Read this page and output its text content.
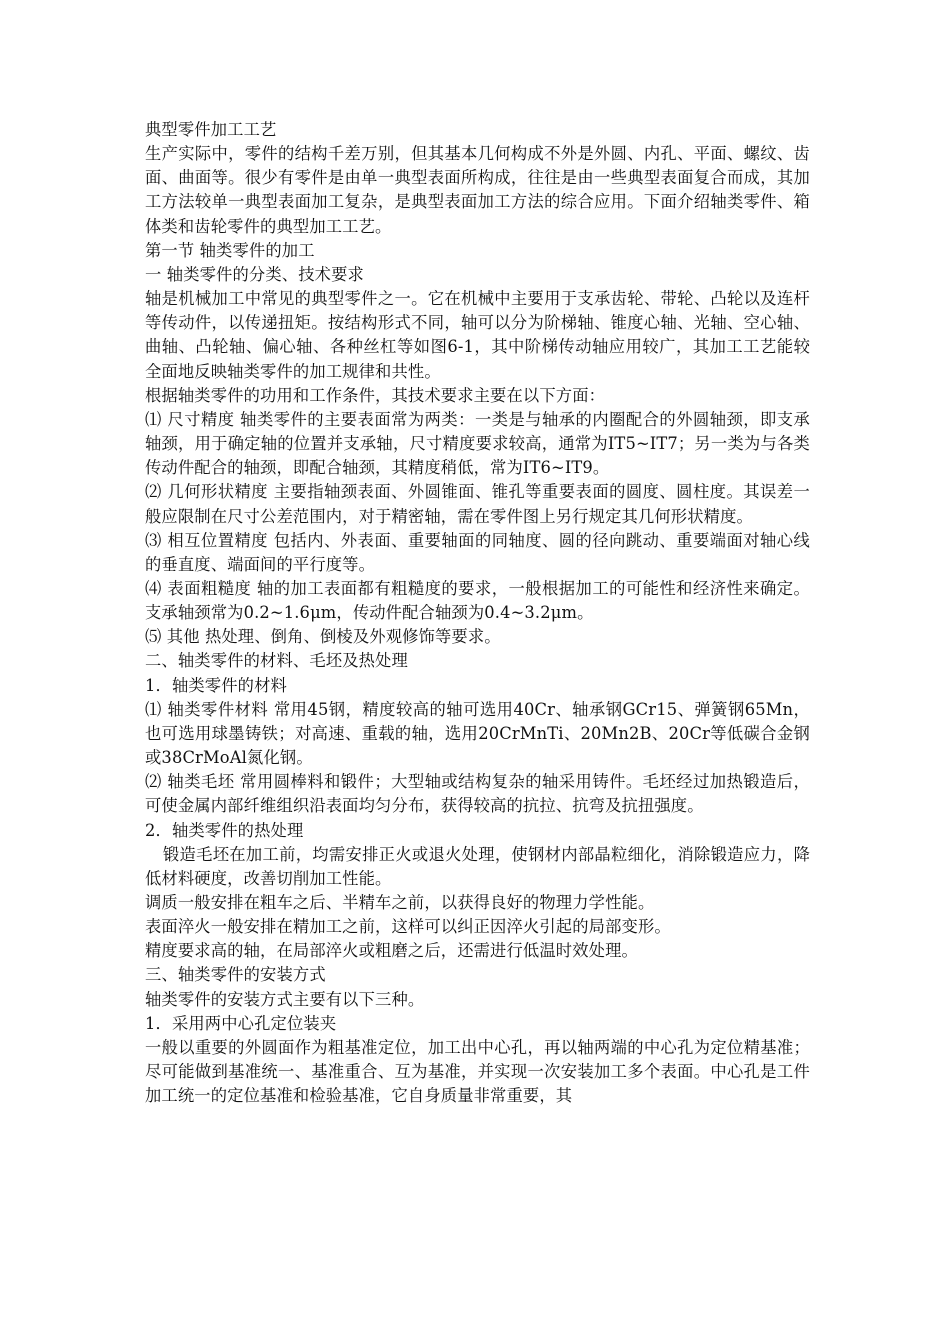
典型零件加工工艺

生产实际中，零件的结构千差万别，但其基本几何构成不外是外圆、内孔、平面、螺纹、齿面、曲面等。很少有零件是由单一典型表面所构成，往往是由一些典型表面复合而成，其加工方法较单一典型表面加工复杂，是典型表面加工方法的综合应用。下面介绍轴类零件、箱体类和齿轮零件的典型加工工艺。

第一节 轴类零件的加工

一 轴类零件的分类、技术要求

轴是机械加工中常见的典型零件之一。它在机械中主要用于支承齿轮、带轮、凸轮以及连杆等传动件，以传递扭矩。按结构形式不同，轴可以分为阶梯轴、锥度心轴、光轴、空心轴、曲轴、凸轮轴、偏心轴、各种丝杠等如图6-1，其中阶梯传动轴应用较广，其加工工艺能较全面地反映轴类零件的加工规律和共性。

根据轴类零件的功用和工作条件，其技术要求主要在以下方面：

⑴ 尺寸精度 轴类零件的主要表面常为两类：一类是与轴承的内圈配合的外圆轴颈，即支承轴颈，用于确定轴的位置并支承轴，尺寸精度要求较高，通常为IT5~IT7；另一类为与各类传动件配合的轴颈，即配合轴颈，其精度稍低，常为IT6~IT9。

⑵ 几何形状精度 主要指轴颈表面、外圆锥面、锥孔等重要表面的圆度、圆柱度。其误差一般应限制在尺寸公差范围内，对于精密轴，需在零件图上另行规定其几何形状精度。

⑶ 相互位置精度 包括内、外表面、重要轴面的同轴度、圆的径向跳动、重要端面对轴心线的垂直度、端面间的平行度等。

⑷ 表面粗糙度 轴的加工表面都有粗糙度的要求，一般根据加工的可能性和经济性来确定。支承轴颈常为0.2~1.6μm，传动件配合轴颈为0.4~3.2μm。

⑸ 其他 热处理、倒角、倒棱及外观修饰等要求。

二、轴类零件的材料、毛坯及热处理

1．轴类零件的材料

⑴ 轴类零件材料 常用45钢，精度较高的轴可选用40Cr、轴承钢GCr15、弹簧钢65Mn，也可选用球墨铸铁；对高速、重载的轴，选用20CrMnTi、20Mn2B、20Cr等低碳合金钢或38CrMoAl氮化钢。

⑵ 轴类毛坯 常用圆棒料和锻件；大型轴或结构复杂的轴采用铸件。毛坯经过加热锻造后，可使金属内部纤维组织沿表面均匀分布，获得较高的抗拉、抗弯及抗扭强度。

2．轴类零件的热处理

锻造毛坯在加工前，均需安排正火或退火处理，使钢材内部晶粒细化，消除锻造应力，降低材料硬度，改善切削加工性能。

调质一般安排在粗车之后、半精车之前，以获得良好的物理力学性能。

表面淬火一般安排在精加工之前，这样可以纠正因淬火引起的局部变形。

精度要求高的轴，在局部淬火或粗磨之后，还需进行低温时效处理。

三、轴类零件的安装方式

轴类零件的安装方式主要有以下三种。

1．采用两中心孔定位装夹

一般以重要的外圆面作为粗基准定位，加工出中心孔，再以轴两端的中心孔为定位精基准；尽可能做到基准统一、基准重合、互为基准，并实现一次安装加工多个表面。中心孔是工件加工统一的定位基准和检验基准，它自身质量非常重要，其
